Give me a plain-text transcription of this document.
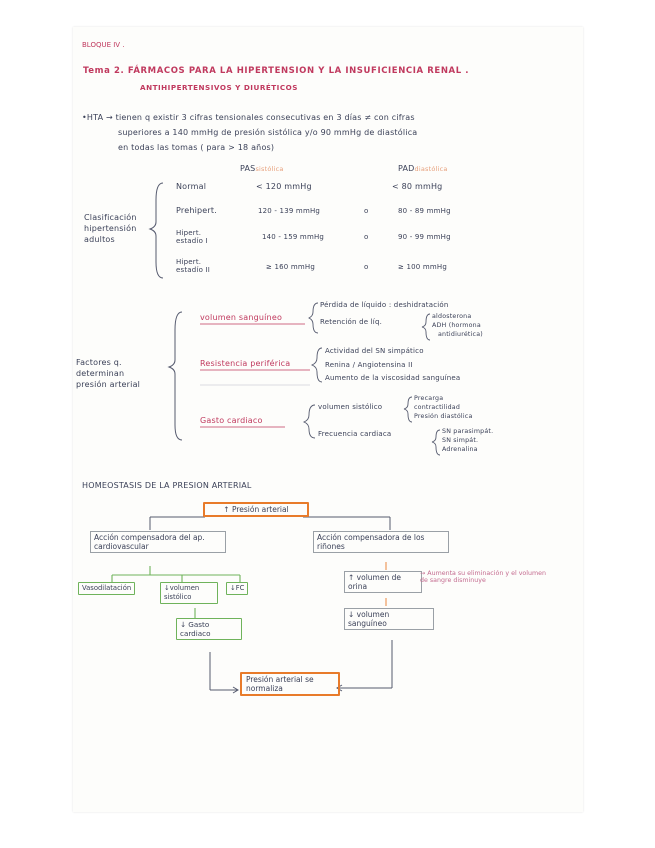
BLOQUE IV .
Tema 2. FÁRMACOS PARA LA HIPERTENSION Y LA INSUFICIENCIA RENAL .
ANTIHIPERTENSIVOS Y DIURÉTICOS
•HTA → tienen q existir 3 cifras tensionales consecutivas en 3 días ≠ con cifras
superiores a 140 mmHg de presión sistólica y/o 90 mmHg de diastólica
en todas las tomas ( para > 18 años)
Clasificación
hipertensión
adultos
PASsistólica	PADdiastólica
Normal	< 120 mmHg	< 80 mmHg
Prehipert.	120 - 139 mmHg	o	80 - 89 mmHg
Hipert. estadío I	140 - 159 mmHg	o	90 - 99 mmHg
Hipert. estadío II	≥ 160 mmHg	o	≥ 100 mmHg
Factores q.
determinan
presión arterial
volumen sanguíneo
Pérdida de líquido : deshidratación
Retención de líq.
aldosterona
ADH (hormona
antidiurética)
Resistencia periférica
Actividad del SN simpático
Renina / Angiotensina II
Aumento de la viscosidad sanguínea
Gasto cardiaco
volumen sistólico
Precarga
contractilidad
Presión diastólica
Frecuencia cardiaca	SN parasimpát.
SN simpát.
Adrenalina
HOMEOSTASIS DE LA PRESION ARTERIAL
↑ Presión arterial
Acción compensadora del ap. cardiovascular
Acción compensadora de los riñones
Vasodilatación	↓volumen sistólico
↓FC
↓ Gasto cardiaco
↑ volumen de orina
→ Aumenta su eliminación y el volumen de sangre disminuye
↓ volumen sanguíneo
Presión arterial se normaliza
